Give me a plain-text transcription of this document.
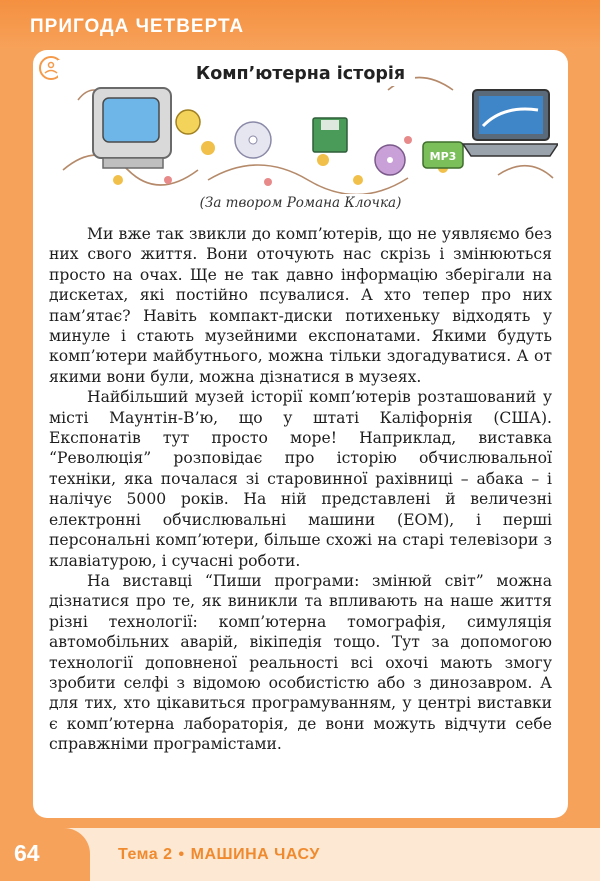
ПРИГОДА ЧЕТВЕРТА
MP3
Комп’ютерна історія
(За твором Романа Клочка)

Ми вже так звикли до комп’ютерів, що не уявляємо без них свого життя. Вони оточують нас скрізь і змінюються просто на очах. Ще не так давно інформацію зберігали на дискетах, які постійно псувалися. А хто тепер про них пам’ятає? Навіть компакт-диски потихеньку відходять у минуле і стають музейними експонатами. Якими будуть комп’ютери майбутнього, можна тільки здогадуватися. А от якими вони були, можна дізнатися в музеях.

Найбільший музей історії комп’ютерів розташований у місті Маунтін-В’ю, що у штаті Каліфорнія (США). Експонатів тут просто море! Наприклад, виставка “Революція” розповідає про історію обчислювальної техніки, яка почалася зі старовинної рахівниці – абака – і налічує 5000 років. На ній представлені й величезні електронні обчислювальні машини (ЕОМ), і перші персональні комп’ютери, більше схожі на старі телевізори з клавіатурою, і сучасні роботи.

На виставці “Пиши програми: змінюй світ” можна дізнатися про те, як виникли та впливають на наше життя різні технології: комп’ютерна томографія, симуляція автомобільних аварій, вікіпедія тощо. Тут за допомогою технології доповненої реальності всі охочі мають змогу зробити селфі з відомою особистістю або з динозавром. А для тих, хто цікавиться програмуванням, у центрі виставки є комп’ютерна лабораторія, де вони можуть відчути себе справжніми програмістами.

64	Тема 2 • МАШИНА ЧАСУ
